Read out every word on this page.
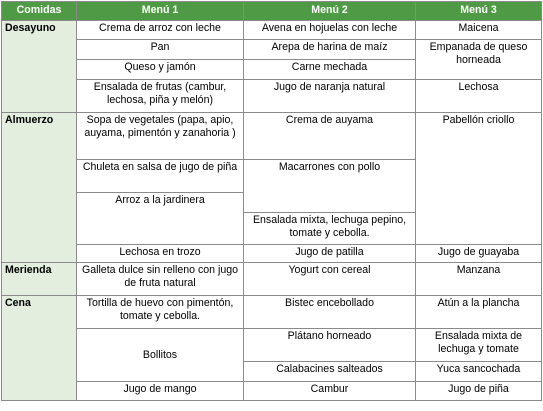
Comidas	Menú 1	Menú 2	Menú 3
Desayuno	Crema de arroz con leche	Avena en hojuelas con leche	Maicena
	Pan	Arepa de harina de maíz	Empanada de queso horneada
	Queso y jamón	Carne mechada	
	Ensalada de frutas (cambur, lechosa, piña y melón)	Jugo de naranja natural	Lechosa
Almuerzo	Sopa de vegetales (papa, apio, auyama, pimentón y zanahoria )	Crema de auyama	Pabellón criollo
	Chuleta en salsa de jugo de piña	Macarrones con pollo	
	Arroz a la jardinera		
		Ensalada mixta, lechuga pepino, tomate y cebolla.	
	Lechosa en trozo	Jugo de patilla	Jugo de guayaba
Merienda	Galleta dulce sin relleno con jugo de fruta natural	Yogurt con cereal	Manzana
Cena	Tortilla de huevo con pimentón, tomate y cebolla.	Bistec encebollado	Atún a la plancha
	Bollitos	Plátano horneado	Ensalada mixta de lechuga y tomate
		Calabacines salteados	Yuca sancochada
	Jugo de mango	Cambur	Jugo de piña
